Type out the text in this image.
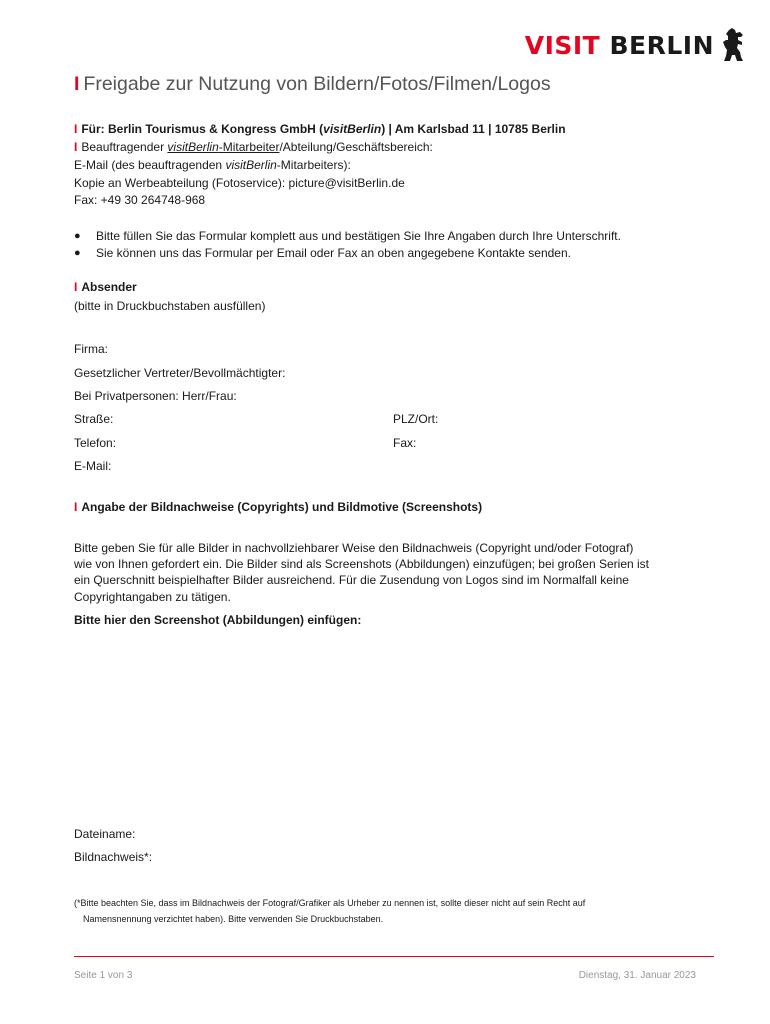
VISIT BERLIN
I Freigabe zur Nutzung von Bildern/Fotos/Filmen/Logos
I Für: Berlin Tourismus & Kongress GmbH (visitBerlin) | Am Karlsbad 11 | 10785 Berlin
I Beauftragender visitBerlin-Mitarbeiter/Abteilung/Geschäftsbereich:
E-Mail (des beauftragenden visitBerlin-Mitarbeiters):
Kopie an Werbeabteilung (Fotoservice): picture@visitBerlin.de
Fax: +49 30 264748-968
●	Bitte füllen Sie das Formular komplett aus und bestätigen Sie Ihre Angaben durch Ihre Unterschrift.
●	Sie können uns das Formular per Email oder Fax an oben angegebene Kontakte senden.
I Absender
(bitte in Druckbuchstaben ausfüllen)
Firma:
Gesetzlicher Vertreter/Bevollmächtigter:
Bei Privatpersonen: Herr/Frau:
Straße:	PLZ/Ort:
Telefon:	Fax:
E-Mail:
I Angabe der Bildnachweise (Copyrights) und Bildmotive (Screenshots)
Bitte geben Sie für alle Bilder in nachvollziehbarer Weise den Bildnachweis (Copyright und/oder Fotograf)
wie von Ihnen gefordert ein. Die Bilder sind als Screenshots (Abbildungen) einzufügen; bei großen Serien ist
ein Querschnitt beispielhafter Bilder ausreichend. Für die Zusendung von Logos sind im Normalfall keine
Copyrightangaben zu tätigen.
Bitte hier den Screenshot (Abbildungen) einfügen:
Dateiname:
Bildnachweis*:
(*Bitte beachten Sie, dass im Bildnachweis der Fotograf/Grafiker als Urheber zu nennen ist, sollte dieser nicht auf sein Recht auf
Namensnennung verzichtet haben). Bitte verwenden Sie Druckbuchstaben.
Seite 1 von 3	Dienstag, 31. Januar 2023
